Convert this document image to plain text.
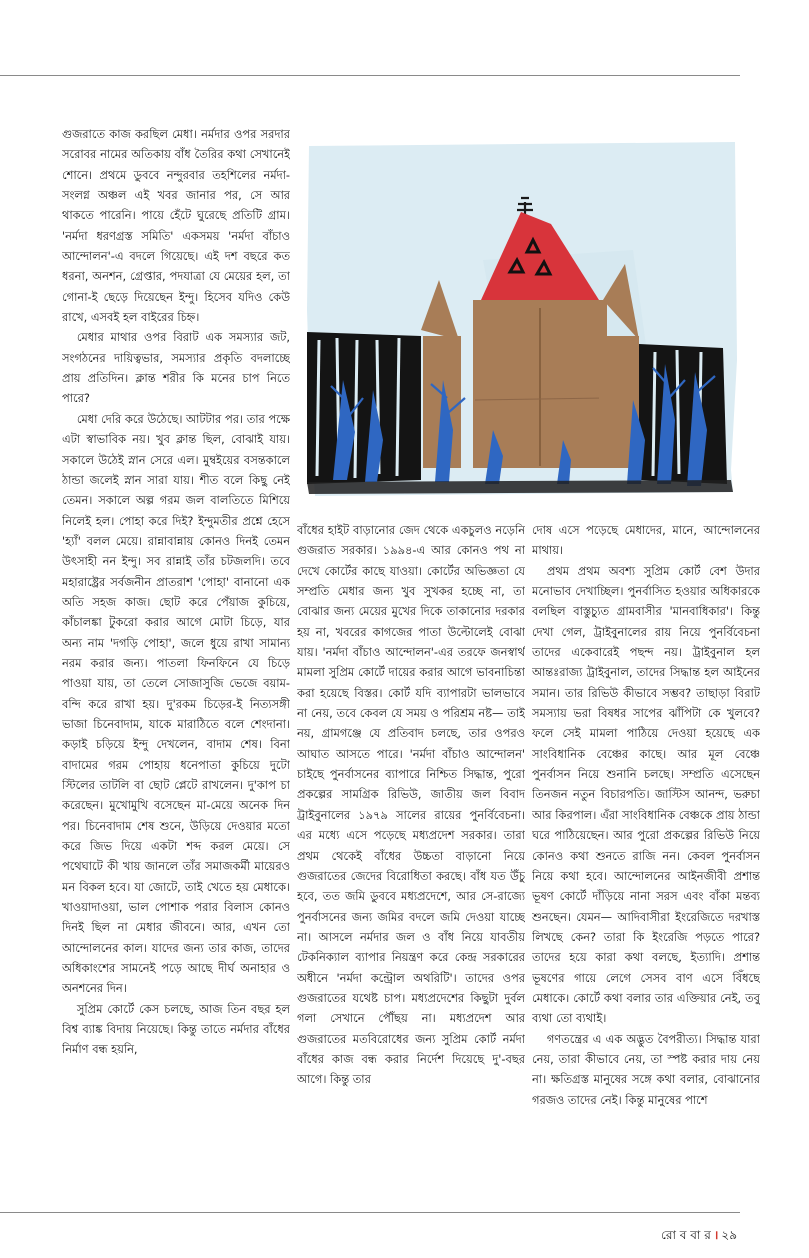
গুজরাতে কাজ করছিল মেধা। নর্মদার ওপর সরদার সরোবর নামের অতিকায় বাঁধ তৈরির কথা সেখানেই শোনে। প্রথমে ডুববে নন্দুরবার তহশিলের নর্মদা-সংলগ্ন অঞ্চল এই খবর জানার পর, সে আর থাকতে পারেনি। পায়ে হেঁটে ঘুরেছে প্রতিটি গ্রাম। 'নর্মদা ধরণগ্রস্ত সমিতি' একসময় 'নর্মদা বাঁচাও আন্দোলন'-এ বদলে গিয়েছে। এই দশ বছরে কত ধরনা, অনশন, গ্রেপ্তার, পদযাত্রা যে মেয়ের হল, তা গোনা-ই ছেড়ে দিয়েছেন ইন্দু। হিসেব যদিও কেউ রাখে, এসবই হল বাইরের চিহ্ন।

মেধার মাথার ওপর বিরাট এক সমস্যার জট, সংগঠনের দায়িত্বভার, সমস্যার প্রকৃতি বদলাচ্ছে প্রায় প্রতিদিন। ক্লান্ত শরীর কি মনের চাপ নিতে পারে?

মেধা দেরি করে উঠেছে। আটটার পর। তার পক্ষে এটা স্বাভাবিক নয়। খুব ক্লান্ত ছিল, বোঝাই যায়। সকালে উঠেই স্নান সেরে এল। মুম্বইয়ের বসন্তকালে ঠান্ডা জলেই স্নান সারা যায়। শীত বলে কিছু নেই তেমন। সকালে অল্প গরম জল বালতিতে মিশিয়ে নিলেই হল। পোহা করে দিই? ইন্দুমতীর প্রশ্নে হেসে 'হ্যাঁ' বলল মেয়ে। রান্নাবান্নায় কোনও দিনই তেমন উৎসাহী নন ইন্দু। সব রান্নাই তাঁর চটজলদি। তবে মহারাষ্ট্রের সর্বজনীন প্রাতরাশ 'পোহা' বানানো এক অতি সহজ কাজ। ছোট করে পেঁয়াজ কুচিয়ে, কাঁচালঙ্কা টুকরো করার আগে মোটা চিড়ে, যার অন্য নাম 'দগড়ি পোহা', জলে ধুয়ে রাখা সামান্য নরম করার জন্য। পাতলা ফিনফিনে যে চিড়ে পাওয়া যায়, তা তেলে সোজাসুজি ভেজে বয়াম-বন্দি করে রাখা হয়। দু'রকম চিড়ের-ই নিত্যসঙ্গী ভাজা চিনেবাদাম, যাকে মারাঠিতে বলে শেংদানা। কড়াই চড়িয়ে ইন্দু দেখলেন, বাদাম শেষ। বিনা বাদামের গরম পোহায় ধনেপাতা কুচিয়ে দুটো স্টিলের তাটলি বা ছোট প্লেটে রাখলেন। দু'কাপ চা করেছেন। মুখোমুখি বসেছেন মা-মেয়ে অনেক দিন পর। চিনেবাদাম শেষ শুনে, উড়িয়ে দেওয়ার মতো করে জিভ দিয়ে একটা শব্দ করল মেয়ে। সে পথেঘাটে কী খায় জানলে তাঁর সমাজকর্মী মায়েরও মন বিকল হবে। যা জোটে, তাই খেতে হয় মেধাকে। খাওয়াদাওয়া, ভাল পোশাক পরার বিলাস কোনও দিনই ছিল না মেধার জীবনে। আর, এখন তো আন্দোলনের কাল। যাদের জন্য তার কাজ, তাদের অধিকাংশের সামনেই পড়ে আছে দীর্ঘ অনাহার ও অনশনের দিন।

সুপ্রিম কোর্টে কেস চলছে, আজ তিন বছর হল বিশ্ব ব্যাঙ্ক বিদায় নিয়েছে। কিন্তু তাতে নর্মদার বাঁধের নির্মাণ বন্ধ হয়নি,

বাঁধের হাইট বাড়ানোর জেদ থেকে একচুলও নড়েনি গুজরাত সরকার। ১৯৯৪-এ আর কোনও পথ না দেখে কোর্টের কাছে যাওয়া। কোর্টের অভিজ্ঞতা যে সম্প্রতি মেধার জন্য খুব সুখকর হচ্ছে না, তা বোঝার জন্য মেয়ের মুখের দিকে তাকানোর দরকার হয় না, খবরের কাগজের পাতা উল্টোলেই বোঝা যায়। 'নর্মদা বাঁচাও আন্দোলন'-এর তরফে জনস্বার্থ মামলা সুপ্রিম কোর্টে দায়ের করার আগে ভাবনাচিন্তা করা হয়েছে বিস্তর। কোর্ট যদি ব্যাপারটা ভালভাবে না নেয়, তবে কেবল যে সময় ও পরিশ্রম নষ্ট— তাই নয়, গ্রামগঞ্জে যে প্রতিবাদ চলছে, তার ওপরও আঘাত আসতে পারে। 'নর্মদা বাঁচাও আন্দোলন' চাইছে পুনর্বাসনের ব্যাপারে নিশ্চিত সিদ্ধান্ত, পুরো প্রকল্পের সামগ্রিক রিভিউ, জাতীয় জল বিবাদ ট্রাইবুনালের ১৯৭৯ সালের রায়ের পুনর্বিবেচনা। এর মধ্যে এসে পড়েছে মধ্যপ্রদেশ সরকার। তারা প্রথম থেকেই বাঁধের উচ্চতা বাড়ানো নিয়ে গুজরাতের জেদের বিরোধিতা করছে। বাঁধ যত উঁচু হবে, তত জমি ডুববে মধ্যপ্রদেশে, আর সে-রাজ্যে পুনর্বাসনের জন্য জমির বদলে জমি দেওয়া যাচ্ছে না। আসলে নর্মদার জল ও বাঁধ নিয়ে যাবতীয় টেকনিক্যাল ব্যাপার নিয়ন্ত্রণ করে কেন্দ্র সরকারের অধীনে 'নর্মদা কন্ট্রোল অথরিটি'। তাদের ওপর গুজরাতের যথেষ্ট চাপ। মধ্যপ্রদেশের কিছুটা দুর্বল গলা সেখানে পৌঁছয় না। মধ্যপ্রদেশ আর গুজরাতের মতবিরোধের জন্য সুপ্রিম কোর্ট নর্মদা বাঁধের কাজ বন্ধ করার নির্দেশ দিয়েছে দু'-বছর আগে। কিন্তু তার

দোষ এসে পড়েছে মেধাদের, মানে, আন্দোলনের মাথায়।

প্রথম প্রথম অবশ্য সুপ্রিম কোর্ট বেশ উদার মনোভাব দেখাচ্ছিল। পুনর্বাসিত হওয়ার অধিকারকে বলছিল বাস্তুচ্যুত গ্রামবাসীর 'মানবাধিকার'। কিন্তু দেখা গেল, ট্রাইবুনালের রায় নিয়ে পুনর্বিবেচনা তাদের একেবারেই পছন্দ নয়। ট্রাইবুনাল হল আন্তঃরাজ্য ট্রাইবুনাল, তাদের সিদ্ধান্ত হল আইনের সমান। তার রিভিউ কীভাবে সম্ভব? তাছাড়া বিরাট সমস্যায় ভরা বিষধর সাপের ঝাঁপিটা কে খুলবে? ফলে সেই মামলা পাঠিয়ে দেওয়া হয়েছে এক সাংবিধানিক বেঞ্চের কাছে। আর মূল বেঞ্চে পুনর্বাসন নিয়ে শুনানি চলছে। সম্প্রতি এসেছেন তিনজন নতুন বিচারপতি। জাস্টিস আনন্দ, ভরুচা আর কিরপাল। এঁরা সাংবিধানিক বেঞ্চকে প্রায় ঠান্ডা ঘরে পাঠিয়েছেন। আর পুরো প্রকল্পের রিভিউ নিয়ে কোনও কথা শুনতে রাজি নন। কেবল পুনর্বাসন নিয়ে কথা হবে। আন্দোলনের আইনজীবী প্রশান্ত ভূষণ কোর্টে দাঁড়িয়ে নানা সরস এবং বাঁকা মন্তব্য শুনছেন। যেমন— আদিবাসীরা ইংরেজিতে দরখাস্ত লিখছে কেন? তারা কি ইংরেজি পড়তে পারে? তাদের হয়ে কারা কথা বলছে, ইত্যাদি। প্রশান্ত ভূষণের গায়ে লেগে সেসব বাণ এসে বিঁধছে মেধাকে। কোর্টে কথা বলার তার এক্তিয়ার নেই, তবু ব্যথা তো ব্যথাই।

গণতন্ত্রের এ এক অদ্ভুত বৈপরীত্য। সিদ্ধান্ত যারা নেয়, তারা কীভাবে নেয়, তা স্পষ্ট করার দায় নেয় না। ক্ষতিগ্রস্ত মানুষের সঙ্গে কথা বলার, বোঝানোর গরজও তাদের নেই। কিন্তু মানুষের পাশে

রো ব বা র । ২৯
